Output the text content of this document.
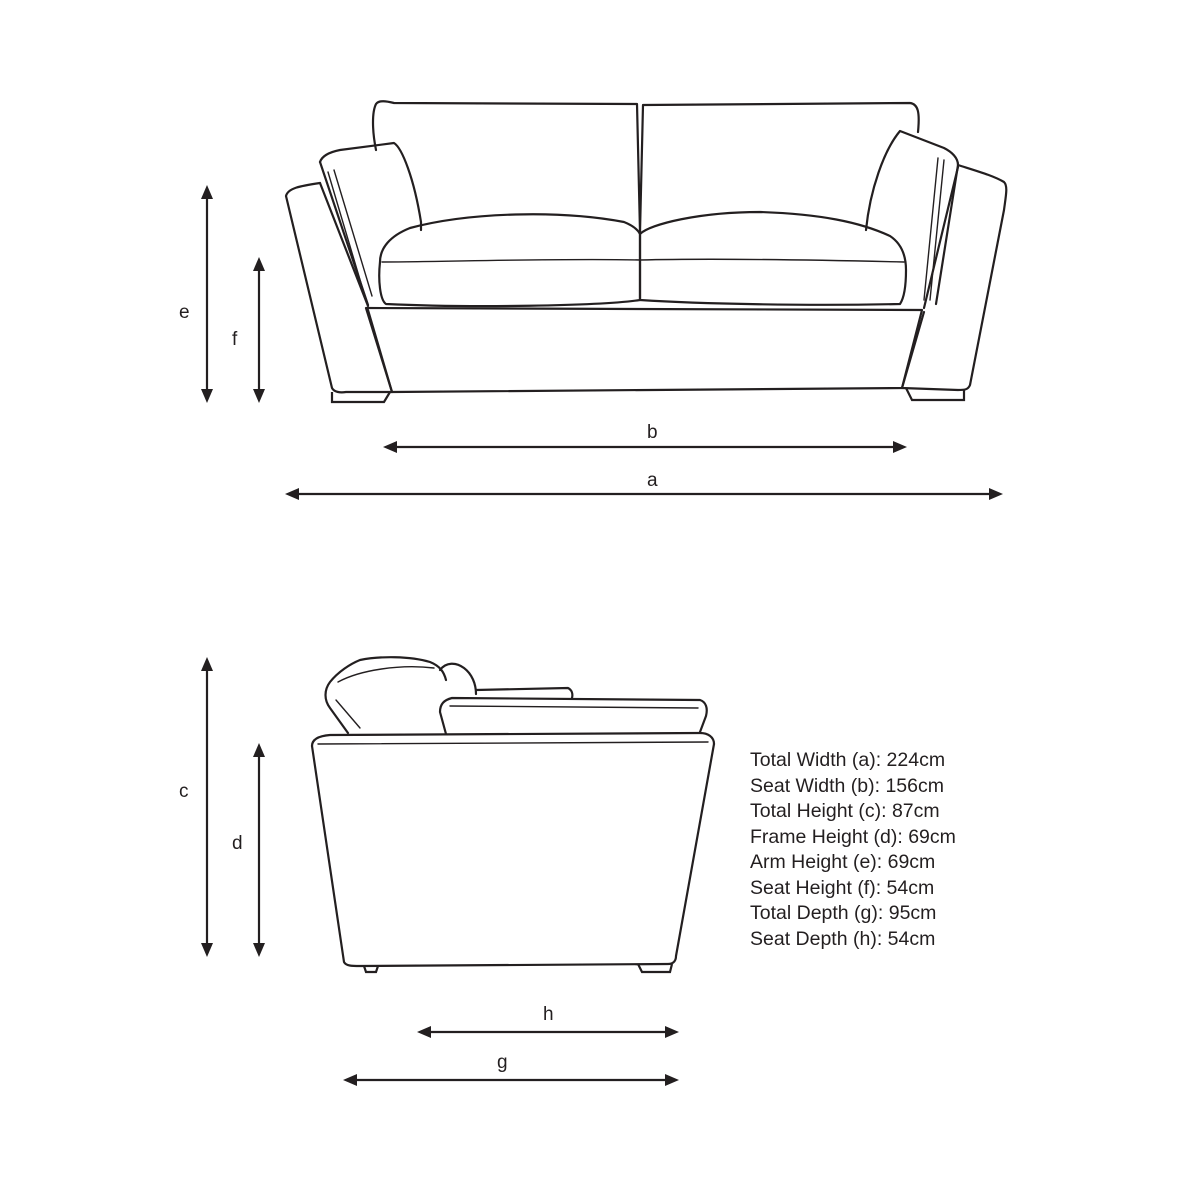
e
f
b
a
c
d
h
g
Total Width (a): 224cm
Seat Width (b): 156cm
Total Height (c): 87cm
Frame Height (d): 69cm
Arm Height (e): 69cm
Seat Height (f): 54cm
Total Depth (g): 95cm
Seat Depth (h): 54cm
